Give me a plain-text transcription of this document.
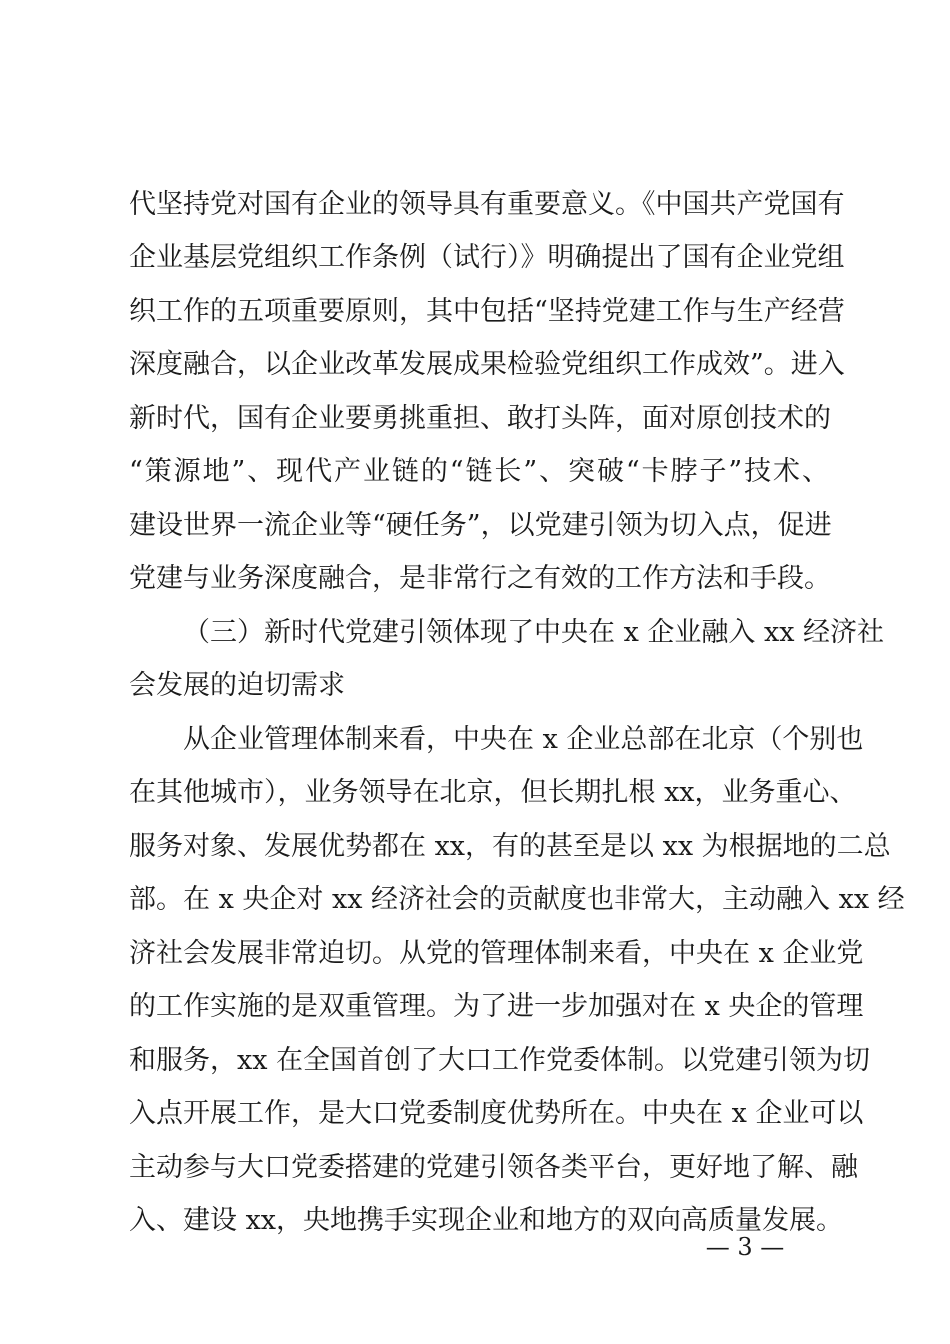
代坚持党对国有企业的领导具有重要意义。《中国共产党国有
企业基层党组织工作条例（试行）》明确提出了国有企业党组
织工作的五项重要原则，其中包括“坚持党建工作与生产经营
深度融合，以企业改革发展成果检验党组织工作成效”。进入
新时代，国有企业要勇挑重担、敢打头阵，面对原创技术的
“策源地”、现代产业链的“链长”、突破“卡脖子”技术、
建设世界一流企业等“硬任务”，以党建引领为切入点，促进
党建与业务深度融合，是非常行之有效的工作方法和手段。
（三）新时代党建引领体现了中央在 x 企业融入 xx 经济社
会发展的迫切需求
从企业管理体制来看，中央在 x 企业总部在北京（个别也
在其他城市），业务领导在北京，但长期扎根 xx，业务重心、
服务对象、发展优势都在 xx，有的甚至是以 xx 为根据地的二总
部。在 x 央企对 xx 经济社会的贡献度也非常大，主动融入 xx 经
济社会发展非常迫切。从党的管理体制来看，中央在 x 企业党
的工作实施的是双重管理。为了进一步加强对在 x 央企的管理
和服务，xx 在全国首创了大口工作党委体制。以党建引领为切
入点开展工作，是大口党委制度优势所在。中央在 x 企业可以
主动参与大口党委搭建的党建引领各类平台，更好地了解、融
入、建设 xx，央地携手实现企业和地方的双向高质量发展。
— 3 —
